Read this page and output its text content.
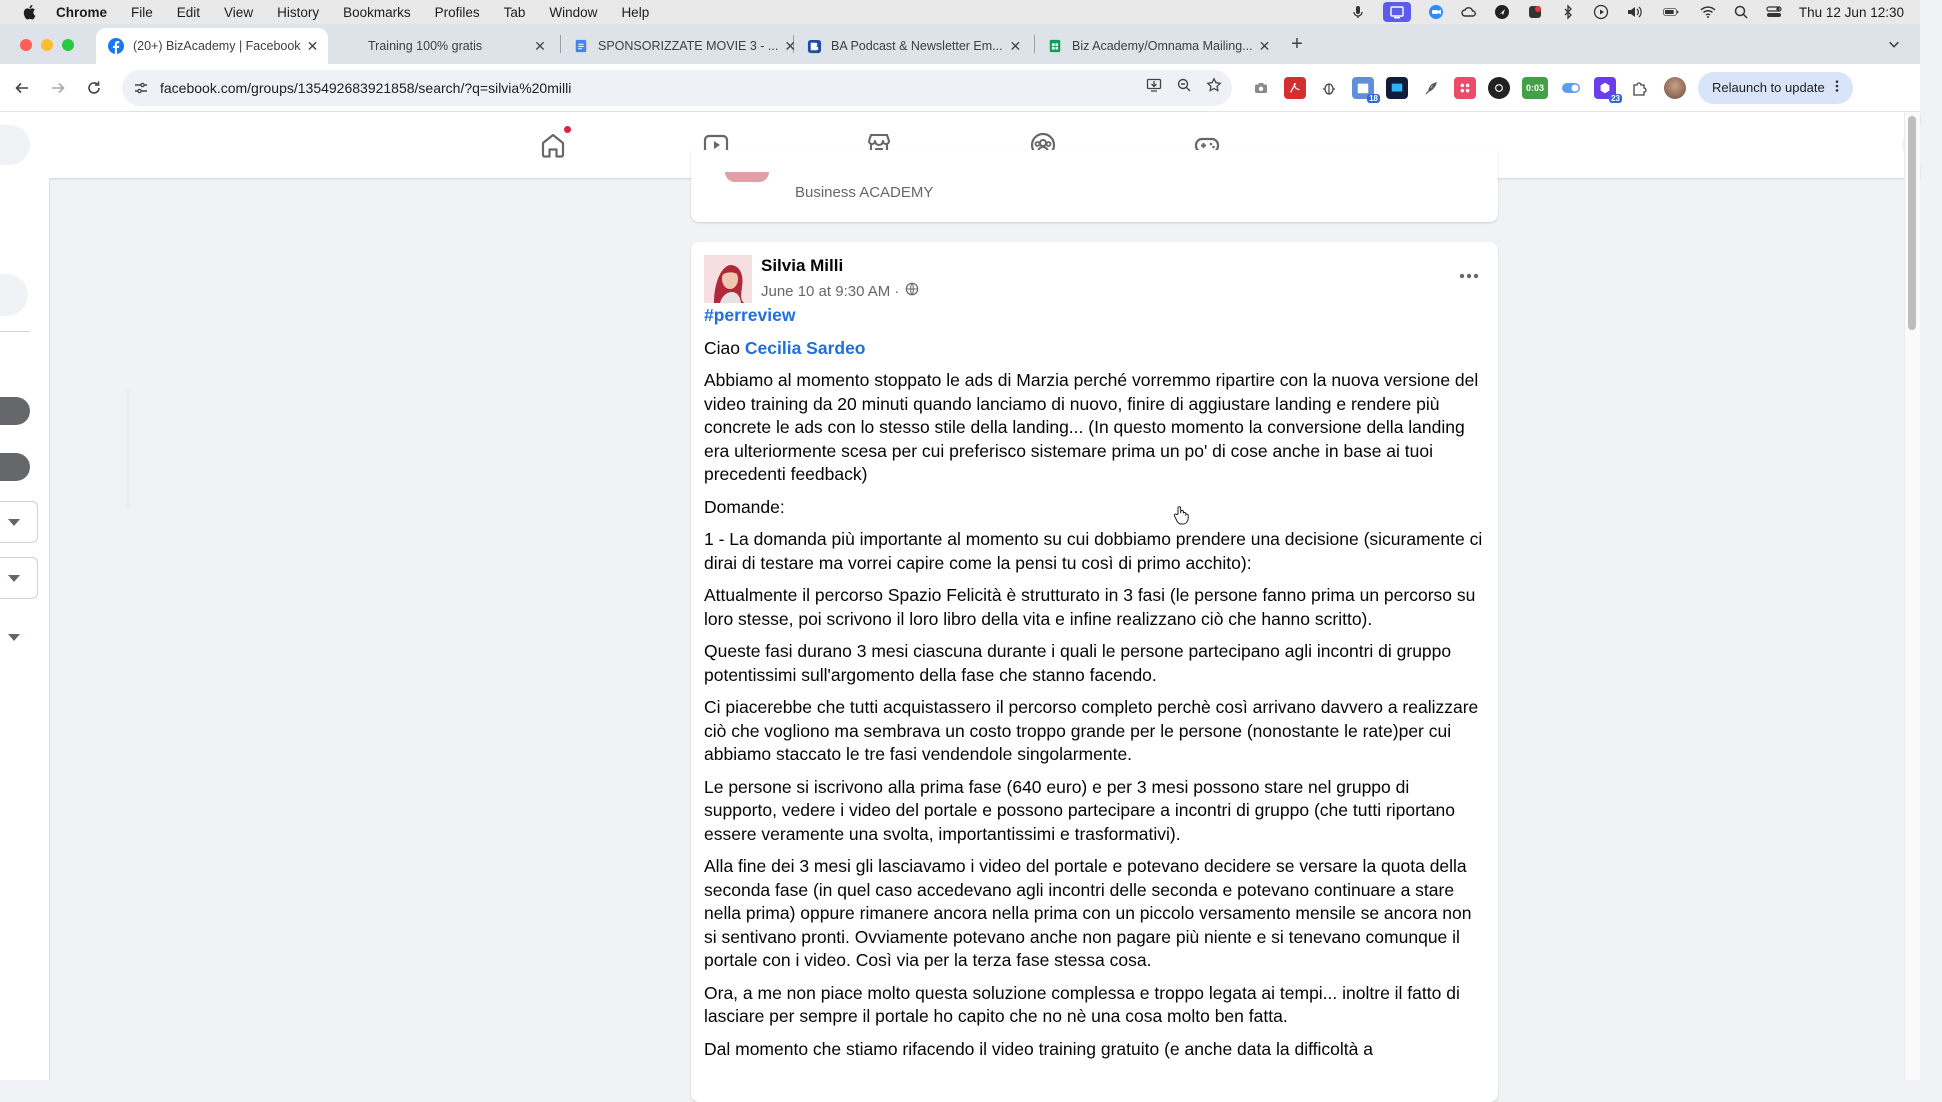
Chrome File Edit View History Bookmarks Profiles Tab Window Help	Thu 12 Jun 12:30
(20+) BizAcademy | Facebook ✕	Training 100% gratis	✕	SPONSORIZZATE MOVIE 3 - ... ✕	BA Podcast & Newsletter Em... ✕	Biz Academy/Omnama Mailing... ✕	+
facebook.com/groups/135492683921858/search/?q=silvia%20milli
18
0:03
23
Relaunch to update
Business ACADEMY
Silvia Milli
June 10 at 9:30 AM ·

#perreview

Ciao Cecilia Sardeo

Abbiamo al momento stoppato le ads di Marzia perché vorremmo ripartire con la nuova versione del video training da 20 minuti quando lanciamo di nuovo, finire di aggiustare landing e rendere più concrete le ads con lo stesso stile della landing... (In questo momento la conversione della landing era ulteriormente scesa per cui preferisco sistemare prima un po' di cose anche in base ai tuoi precedenti feedback)

Domande:

1 - La domanda più importante al momento su cui dobbiamo prendere una decisione (sicuramente ci dirai di testare ma vorrei capire come la pensi tu così di primo acchito):

Attualmente il percorso Spazio Felicità è strutturato in 3 fasi (le persone fanno prima un percorso su loro stesse, poi scrivono il loro libro della vita e infine realizzano ciò che hanno scritto).

Queste fasi durano 3 mesi ciascuna durante i quali le persone partecipano agli incontri di gruppo potentissimi sull'argomento della fase che stanno facendo.

Ci piacerebbe che tutti acquistassero il percorso completo perchè così arrivano davvero a realizzare ciò che vogliono ma sembrava un costo troppo grande per le persone (nonostante le rate)per cui abbiamo staccato le tre fasi vendendole singolarmente.

Le persone si iscrivono alla prima fase (640 euro) e per 3 mesi possono stare nel gruppo di supporto, vedere i video del portale e possono partecipare a incontri di gruppo (che tutti riportano essere veramente una svolta, importantissimi e trasformativi).

Alla fine dei 3 mesi gli lasciavamo i video del portale e potevano decidere se versare la quota della seconda fase (in quel caso accedevano agli incontri delle seconda e potevano continuare a stare nella prima) oppure rimanere ancora nella prima con un piccolo versamento mensile se ancora non si sentivano pronti. Ovviamente potevano anche non pagare più niente e si tenevano comunque il portale con i video. Così via per la terza fase stessa cosa.

Ora, a me non piace molto questa soluzione complessa e troppo legata ai tempi... inoltre il fatto di lasciare per sempre il portale ho capito che no nè una cosa molto ben fatta.

Dal momento che stiamo rifacendo il video training gratuito (e anche data la difficoltà a
